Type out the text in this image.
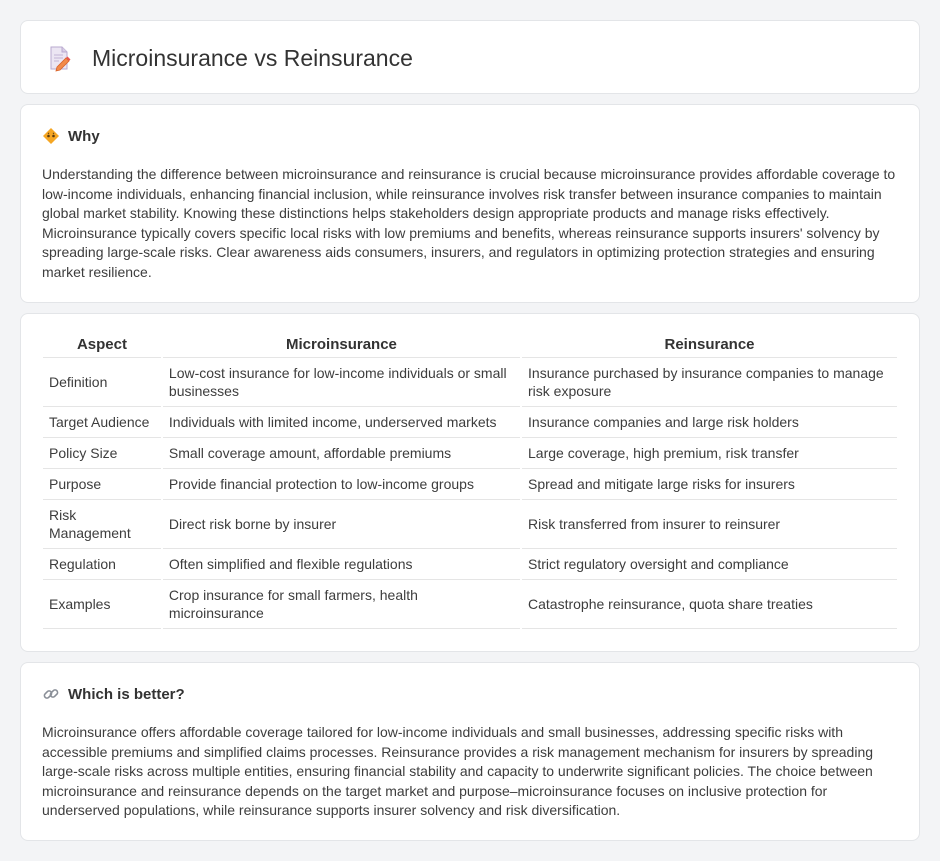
Microinsurance vs Reinsurance
Why

Understanding the difference between microinsurance and reinsurance is crucial because microinsurance provides affordable coverage to low-income individuals, enhancing financial inclusion, while reinsurance involves risk transfer between insurance companies to maintain global market stability. Knowing these distinctions helps stakeholders design appropriate products and manage risks effectively. Microinsurance typically covers specific local risks with low premiums and benefits, whereas reinsurance supports insurers' solvency by spreading large-scale risks. Clear awareness aids consumers, insurers, and regulators in optimizing protection strategies and ensuring market resilience.

Aspect	Microinsurance	Reinsurance
Definition	Low-cost insurance for low-income individuals or small businesses	Insurance purchased by insurance companies to manage risk exposure
Target Audience	Individuals with limited income, underserved markets	Insurance companies and large risk holders
Policy Size	Small coverage amount, affordable premiums	Large coverage, high premium, risk transfer
Purpose	Provide financial protection to low-income groups	Spread and mitigate large risks for insurers
Risk Management	Direct risk borne by insurer	Risk transferred from insurer to reinsurer
Regulation	Often simplified and flexible regulations	Strict regulatory oversight and compliance
Examples	Crop insurance for small farmers, health microinsurance	Catastrophe reinsurance, quota share treaties
Which is better?

Microinsurance offers affordable coverage tailored for low-income individuals and small businesses, addressing specific risks with accessible premiums and simplified claims processes. Reinsurance provides a risk management mechanism for insurers by spreading large-scale risks across multiple entities, ensuring financial stability and capacity to underwrite significant policies. The choice between microinsurance and reinsurance depends on the target market and purpose–microinsurance focuses on inclusive protection for underserved populations, while reinsurance supports insurer solvency and risk diversification.
